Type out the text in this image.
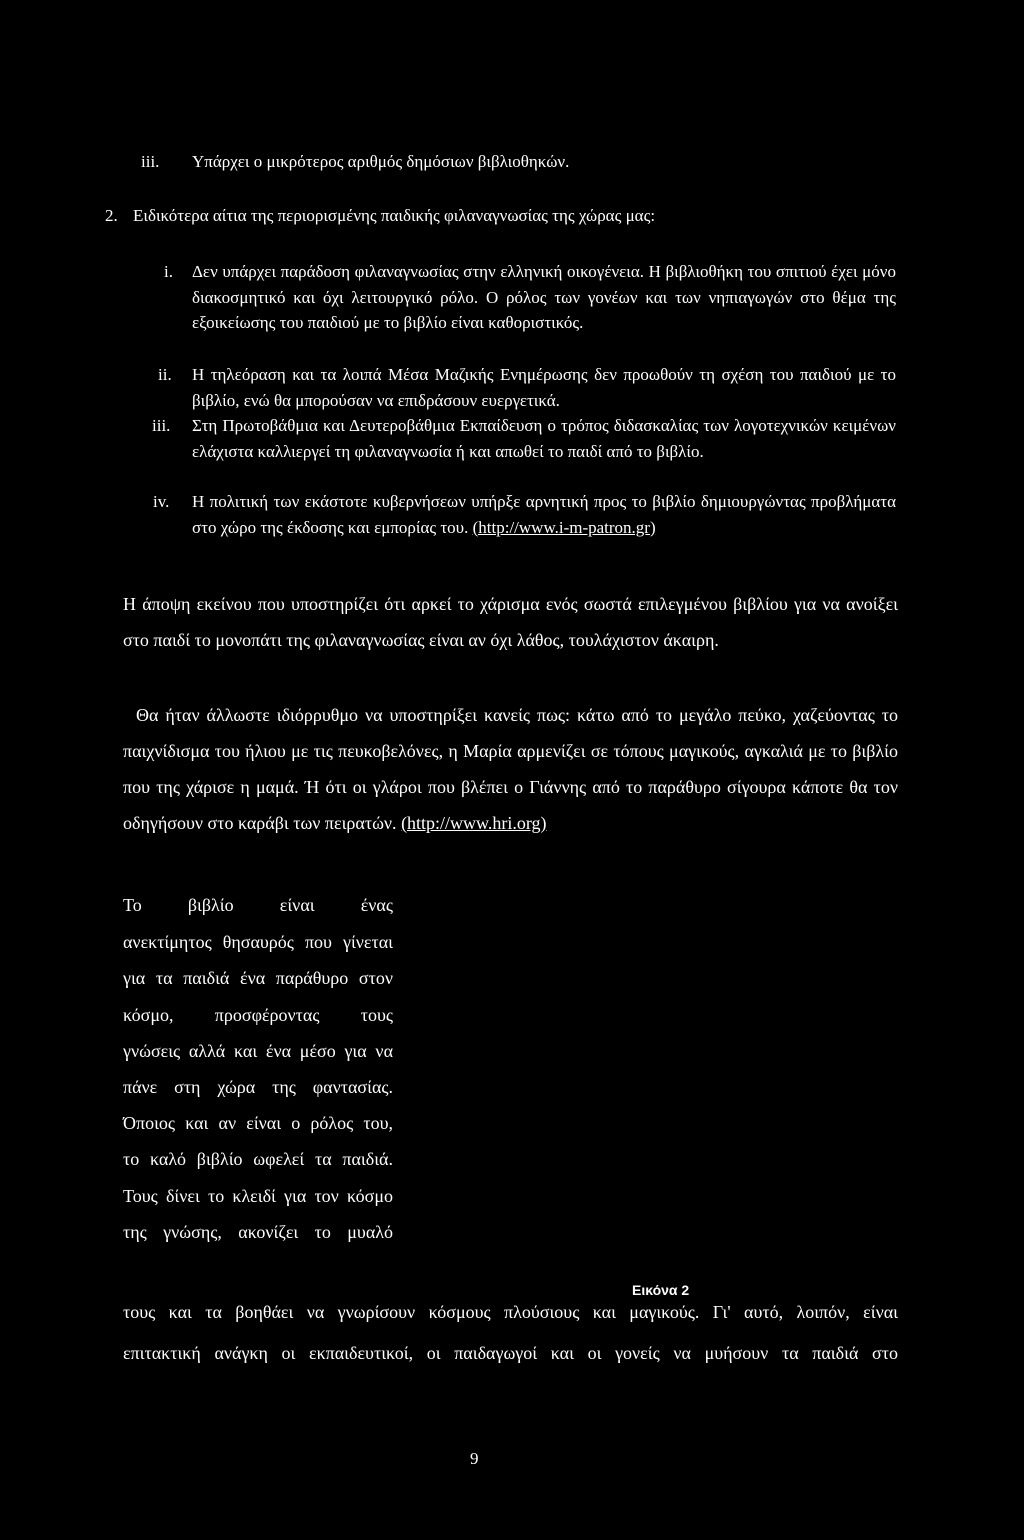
iii. Υπάρχει ο μικρότερος αριθμός δημόσιων βιβλιοθηκών.
2. Ειδικότερα αίτια της περιορισμένης παιδικής φιλαναγνωσίας της χώρας μας:
i. Δεν υπάρχει παράδοση φιλαναγνωσίας στην ελληνική οικογένεια. Η βιβλιοθήκη του σπιτιού έχει μόνο διακοσμητικό και όχι λειτουργικό ρόλο. Ο ρόλος των γονέων και των νηπιαγωγών στο θέμα της εξοικείωσης του παιδιού με το βιβλίο είναι καθοριστικός.
ii. Η τηλεόραση και τα λοιπά Μέσα Μαζικής Ενημέρωσης δεν προωθούν τη σχέση του παιδιού με το βιβλίο, ενώ θα μπορούσαν να επιδράσουν ευεργετικά.
iii. Στη Πρωτοβάθμια και Δευτεροβάθμια Εκπαίδευση ο τρόπος διδασκαλίας των λογοτεχνικών κειμένων ελάχιστα καλλιεργεί τη φιλαναγνωσία ή και απωθεί το παιδί από το βιβλίο.
iv. Η πολιτική των εκάστοτε κυβερνήσεων υπήρξε αρνητική προς το βιβλίο δημιουργώντας προβλήματα στο χώρο της έκδοσης και εμπορίας του. (http://www.i-m-patron.gr)
Η άποψη εκείνου που υποστηρίζει ότι αρκεί το χάρισμα ενός σωστά επιλεγμένου βιβλίου για να ανοίξει στο παιδί το μονοπάτι της φιλαναγνωσίας είναι αν όχι λάθος, τουλάχιστον άκαιρη.
Θα ήταν άλλωστε ιδιόρρυθμο να υποστηρίξει κανείς πως: κάτω από το μεγάλο πεύκο, χαζεύοντας το παιχνίδισμα του ήλιου με τις πευκοβελόνες, η Μαρία αρμενίζει σε τόπους μαγικούς, αγκαλιά με το βιβλίο που της χάρισε η μαμά. Ή ότι οι γλάροι που βλέπει ο Γιάννης από το παράθυρο σίγουρα κάποτε θα τον οδηγήσουν στο καράβι των πειρατών. (http://www.hri.org)
Το βιβλίο είναι ένας
ανεκτίμητος θησαυρός που γίνεται
για τα παιδιά ένα παράθυρο στον
κόσμο, προσφέροντας τους
γνώσεις αλλά και ένα μέσο για να
πάνε στη χώρα της φαντασίας.
Όποιος και αν είναι ο ρόλος του,
το καλό βιβλίο ωφελεί τα παιδιά.
Τους δίνει το κλειδί για τον κόσμο
της γνώσης, ακονίζει το μυαλό
Εικόνα 2
τους και τα βοηθάει να γνωρίσουν κόσμους πλούσιους και μαγικούς. Γι' αυτό, λοιπόν, είναι
επιτακτική ανάγκη οι εκπαιδευτικοί, οι παιδαγωγοί και οι γονείς να μυήσουν τα παιδιά στο
9
